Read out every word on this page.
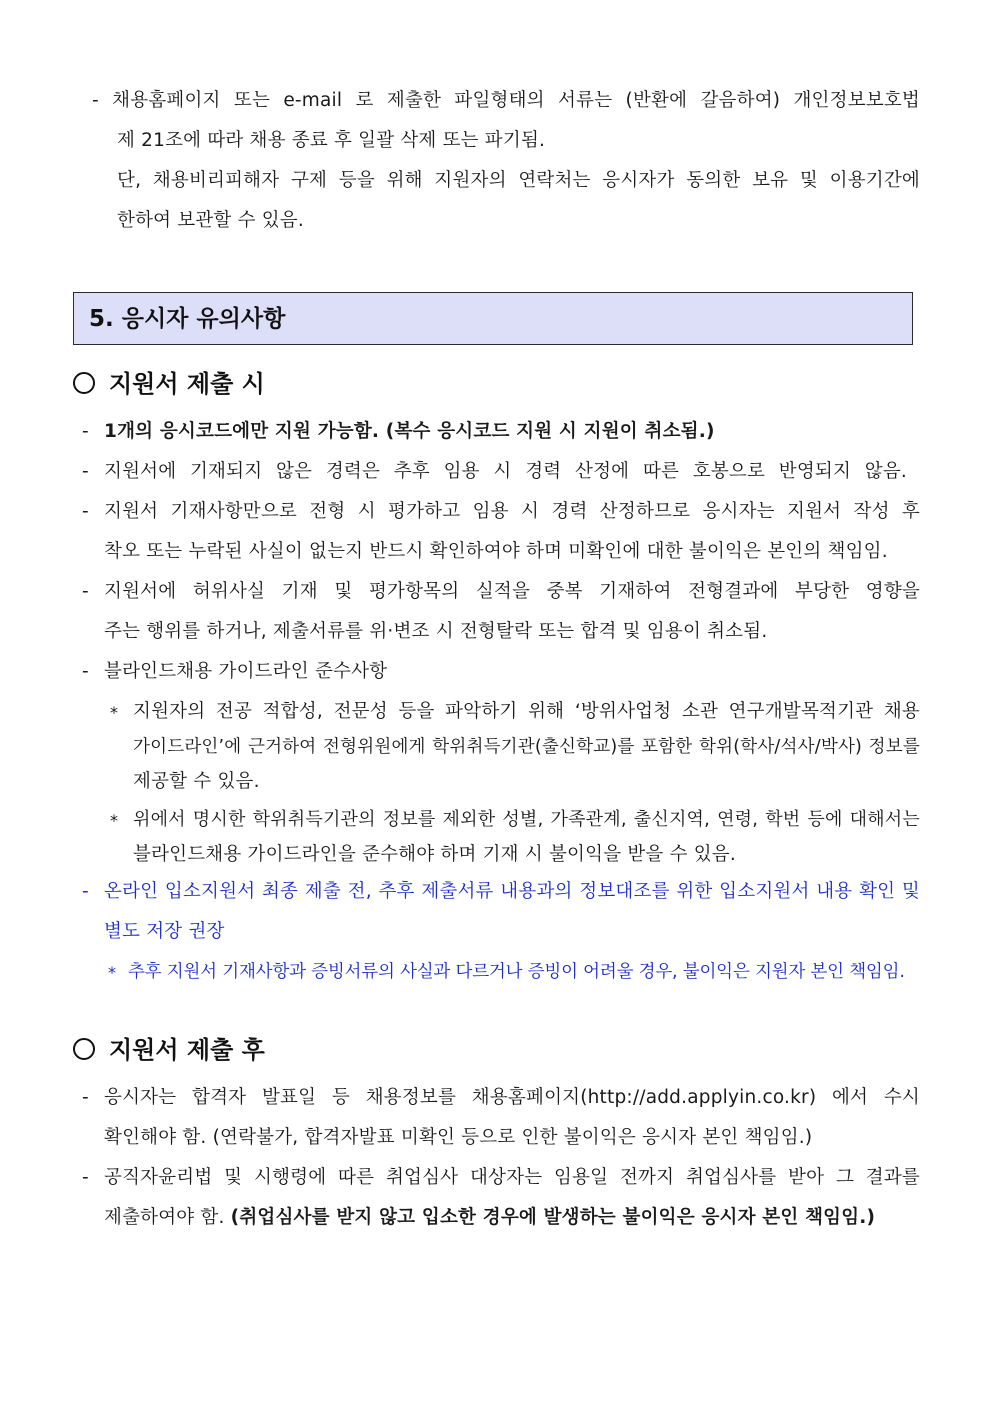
- 채용홈페이지 또는 e-mail 로 제출한 파일형태의 서류는 (반환에 갈음하여) 개인정보보호법
제 21조에 따라 채용 종료 후 일괄 삭제 또는 파기됨.
단, 채용비리피해자 구제 등을 위해 지원자의 연락처는 응시자가 동의한 보유 및 이용기간에
한하여 보관할 수 있음.
5. 응시자 유의사항
지원서 제출 시
- 1개의 응시코드에만 지원 가능함. (복수 응시코드 지원 시 지원이 취소됨.)
- 지원서에 기재되지 않은 경력은 추후 임용 시 경력 산정에 따른 호봉으로 반영되지 않음.
- 지원서 기재사항만으로 전형 시 평가하고 임용 시 경력 산정하므로 응시자는 지원서 작성 후
착오 또는 누락된 사실이 없는지 반드시 확인하여야 하며 미확인에 대한 불이익은 본인의 책임임.
- 지원서에 허위사실 기재 및 평가항목의 실적을 중복 기재하여 전형결과에 부당한 영향을
주는 행위를 하거나, 제출서류를 위·변조 시 전형탈락 또는 합격 및 임용이 취소됨.
- 블라인드채용 가이드라인 준수사항
* 지원자의 전공 적합성, 전문성 등을 파악하기 위해 ‘방위사업청 소관 연구개발목적기관 채용
가이드라인’에 근거하여 전형위원에게 학위취득기관(출신학교)를 포함한 학위(학사/석사/박사) 정보를
제공할 수 있음.
* 위에서 명시한 학위취득기관의 정보를 제외한 성별, 가족관계, 출신지역, 연령, 학번 등에 대해서는
블라인드채용 가이드라인을 준수해야 하며 기재 시 불이익을 받을 수 있음.
- 온라인 입소지원서 최종 제출 전, 추후 제출서류 내용과의 정보대조를 위한 입소지원서 내용 확인 및
별도 저장 권장
* 추후 지원서 기재사항과 증빙서류의 사실과 다르거나 증빙이 어려울 경우, 불이익은 지원자 본인 책임임.
지원서 제출 후
- 응시자는 합격자 발표일 등 채용정보를 채용홈페이지(http://add.applyin.co.kr) 에서 수시
확인해야 함. (연락불가, 합격자발표 미확인 등으로 인한 불이익은 응시자 본인 책임임.)
- 공직자윤리법 및 시행령에 따른 취업심사 대상자는 임용일 전까지 취업심사를 받아 그 결과를
제출하여야 함. (취업심사를 받지 않고 입소한 경우에 발생하는 불이익은 응시자 본인 책임임.)
